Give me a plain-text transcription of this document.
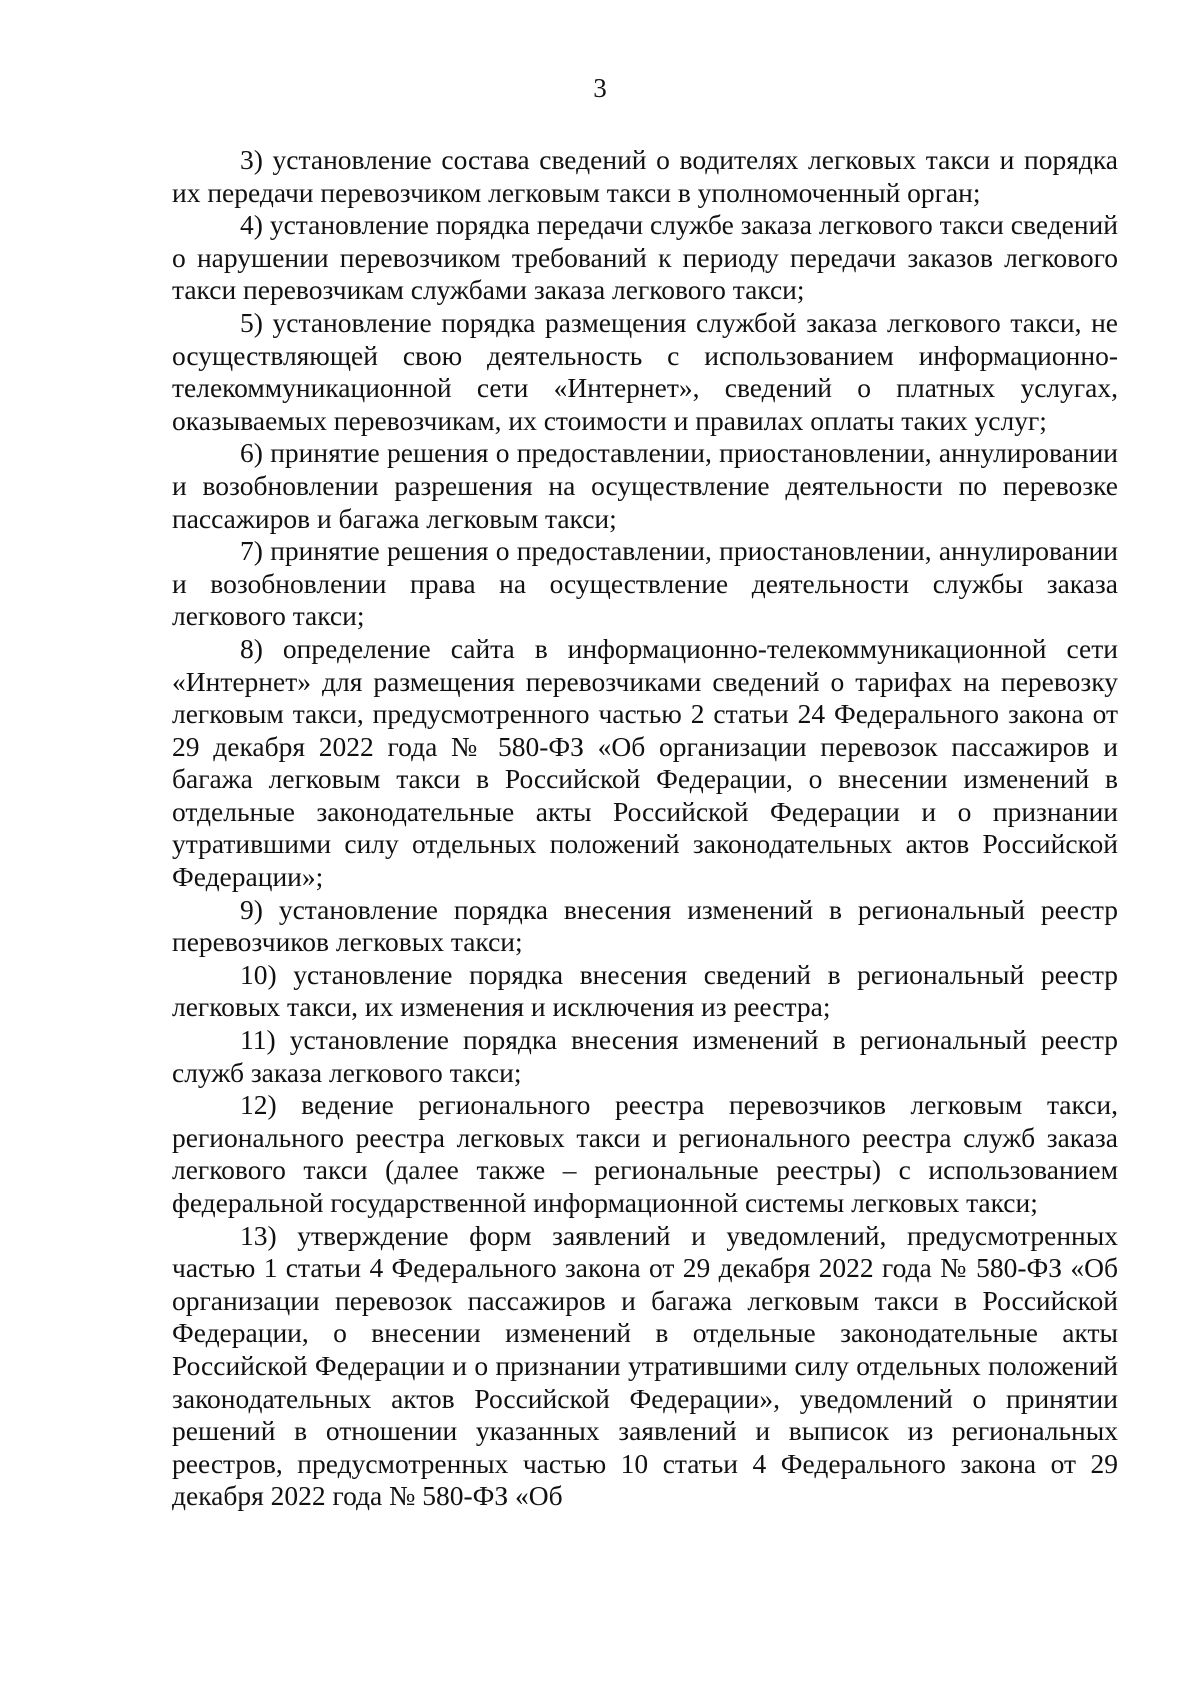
3

3) установление состава сведений о водителях легковых такси и порядка их передачи перевозчиком легковым такси в уполномоченный орган;

4) установление порядка передачи службе заказа легкового такси сведений о нарушении перевозчиком требований к периоду передачи заказов легкового такси перевозчикам службами заказа легкового такси;

5) установление порядка размещения службой заказа легкового такси, не осуществляющей свою деятельность с использованием информационно-телекоммуникационной сети «Интернет», сведений о платных услугах, оказываемых перевозчикам, их стоимости и правилах оплаты таких услуг;

6) принятие решения о предоставлении, приостановлении, аннулировании и возобновлении разрешения на осуществление деятельности по перевозке пассажиров и багажа легковым такси;

7) принятие решения о предоставлении, приостановлении, аннулировании и возобновлении права на осуществление деятельности службы заказа легкового такси;

8) определение сайта в информационно-телекоммуникационной сети «Интернет» для размещения перевозчиками сведений о тарифах на перевозку легковым такси, предусмотренного частью 2 статьи 24 Федерального закона от 29 декабря 2022 года № 580-ФЗ «Об организации перевозок пассажиров и багажа легковым такси в Российской Федерации, о внесении изменений в отдельные законодательные акты Российской Федерации и о признании утратившими силу отдельных положений законодательных актов Российской Федерации»;

9) установление порядка внесения изменений в региональный реестр перевозчиков легковых такси;

10) установление порядка внесения сведений в региональный реестр легковых такси, их изменения и исключения из реестра;

11) установление порядка внесения изменений в региональный реестр служб заказа легкового такси;

12) ведение регионального реестра перевозчиков легковым такси, регионального реестра легковых такси и регионального реестра служб заказа легкового такси (далее также – региональные реестры) с использованием федеральной государственной информационной системы легковых такси;

13) утверждение форм заявлений и уведомлений, предусмотренных частью 1 статьи 4 Федерального закона от 29 декабря 2022 года № 580-ФЗ «Об организации перевозок пассажиров и багажа легковым такси в Российской Федерации, о внесении изменений в отдельные законодательные акты Российской Федерации и о признании утратившими силу отдельных положений законодательных актов Российской Федерации», уведомлений о принятии решений в отношении указанных заявлений и выписок из региональных реестров, предусмотренных частью 10 статьи 4 Федерального закона от 29 декабря 2022 года № 580-ФЗ «Об
